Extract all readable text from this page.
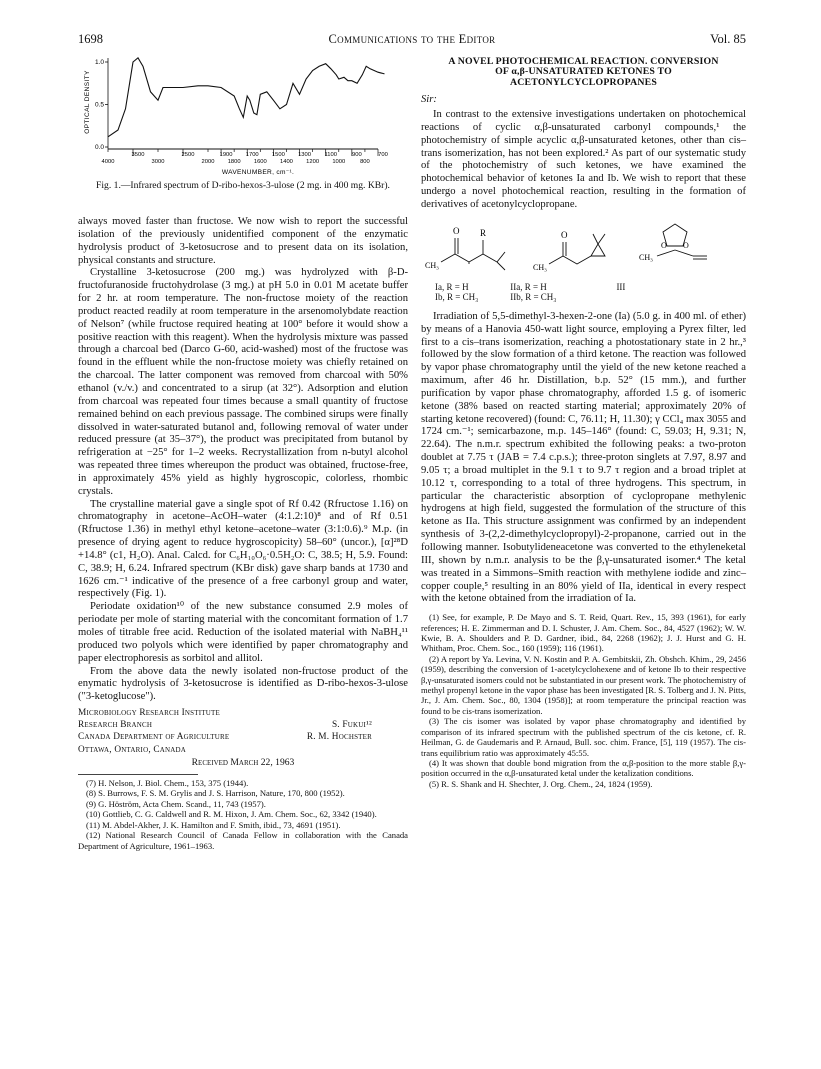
1698	Communications to the Editor	Vol. 85
OPTICAL DENSITY
1.0
0.5
0.0
3500	2500	1900 1700 1500 1300 1100	900	700
4000	3000	2000 1800 1600 1400 1200 1000	800
WAVENUMBER, cm⁻¹.
Fig. 1.—Infrared spectrum of D-ribo-hexos-3-ulose (2 mg. in 400 mg. KBr).

always moved faster than fructose. We now wish to report the successful isolation of the previously unidentified component of the enzymatic hydrolysis product of 3-ketosucrose and to present data on its isolation, physical constants and structure.

Crystalline 3-ketosucrose (200 mg.) was hydrolyzed with β-D-fructofuranoside fructohydrolase (3 mg.) at pH 5.0 in 0.01 M acetate buffer for 2 hr. at room temperature. The non-fructose moiety of the reaction product reacted readily at room temperature in the arsenomolybdate reaction of Nelson⁷ (while fructose required heating at 100° before it would show a positive reaction with this reagent). When the hydrolysis mixture was passed through a charcoal bed (Darco G-60, acid-washed) most of the fructose was found in the effluent while the non-fructose moiety was chiefly retained on the charcoal. The latter component was removed from charcoal with 50% ethanol (v./v.) and concentrated to a sirup (at 32°). Adsorption and elution from charcoal was repeated four times because a small quantity of fructose remained behind on each previous passage. The combined sirups were finally dissolved in water-saturated butanol and, following removal of water under reduced pressure (at 35–37°), the product was precipitated from butanol by refrigeration at −25° for 1–2 weeks. Recrystallization from n-butyl alcohol was repeated three times whereupon the product was obtained, fructose-free, in approximately 45% yield as highly hygroscopic, colorless, rhombic crystals.

The crystalline material gave a single spot of Rf 0.42 (Rfructose 1.16) on chromatography in acetone–AcOH–water (4:1.2:10)⁸ and of Rf 0.51 (Rfructose 1.36) in methyl ethyl ketone–acetone–water (3:1:0.6).⁹ M.p. (in presence of drying agent to reduce hygroscopicity) 58–60° (uncor.), [α]²⁸D +14.8° (c1, H₂O). Anal. Calcd. for C₆H₁₀O₆·0.5H₂O: C, 38.5; H, 5.9. Found: C, 38.9; H, 6.24. Infrared spectrum (KBr disk) gave sharp bands at 1730 and 1626 cm.⁻¹ indicative of the presence of a free carbonyl group and water, respectively (Fig. 1).

Periodate oxidation¹⁰ of the new substance consumed 2.9 moles of periodate per mole of starting material with the concomitant formation of 1.7 moles of titrable free acid. Reduction of the isolated material with NaBH₄¹¹ produced two polyols which were identified by paper chromatography and paper electrophoresis as sorbitol and allitol.

From the above data the newly isolated non-fructose product of the enymatic hydrolysis of 3-ketosucrose is identified as D-ribo-hexos-3-ulose ("3-ketoglucose").

Microbiology Research Institute
Research Branch	S. Fukui¹²
Canada Department of Agriculture	R. M. Hochster
Ottawa, Ontario, Canada
Received March 22, 1963
(7) H. Nelson, J. Biol. Chem., 153, 375 (1944).
(8) S. Burrows, F. S. M. Grylis and J. S. Harrison, Nature, 170, 800 (1952).
(9) G. Höström, Acta Chem. Scand., 11, 743 (1957).
(10) Gottlieb, C. G. Caldwell and R. M. Hixon, J. Am. Chem. Soc., 62, 3342 (1940).
(11) M. Abdel-Akher, J. K. Hamilton and F. Smith, ibid., 73, 4691 (1951).
(12) National Research Council of Canada Fellow in collaboration with the Canada Department of Agriculture, 1961–1963.
A NOVEL PHOTOCHEMICAL REACTION. CONVERSION
OF α,β-UNSATURATED KETONES TO
ACETONYLCYCLOPROPANES
Sir:

In contrast to the extensive investigations undertaken on photochemical reactions of cyclic α,β-unsaturated carbonyl compounds,¹ the photochemistry of simple acyclic α,β-unsaturated ketones, other than cis–trans isomerization, has not been explored.² As part of our systematic study of the photochemistry of such ketones, we have examined the photochemical behavior of ketones Ia and Ib. We wish to report that these undergo a novel photochemical reaction, resulting in the formation of derivatives of acetonylcyclopropane.

O R
CH₃
O
CH₃
O O
CH₃
Ia, R = H
Ib, R = CH₃
IIa, R = H
IIb, R = CH₃
III

Irradiation of 5,5-dimethyl-3-hexen-2-one (Ia) (5.0 g. in 400 ml. of ether) by means of a Hanovia 450-watt light source, employing a Pyrex filter, led first to a cis–trans isomerization, reaching a photostationary state in 2 hr.,³ followed by the slow formation of a third ketone. The reaction was followed by vapor phase chromatography until the yield of the new ketone reached a maximum, after 46 hr. Distillation, b.p. 52° (15 mm.), and further purification by vapor phase chromatography, afforded 1.5 g. of isomeric ketone (38% based on reacted starting material; approximately 20% of starting ketone recovered) (found: C, 76.11; H, 11.30); γ CCl₄ max 3055 and 1724 cm.⁻¹; semicarbazone, m.p. 145–146° (found: C, 59.03; H, 9.31; N, 22.64). The n.m.r. spectrum exhibited the following peaks: a two-proton doublet at 7.75 τ (JAB = 7.4 c.p.s.); three-proton singlets at 7.97, 8.97 and 9.05 τ; a broad multiplet in the 9.1 τ to 9.7 τ region and a broad triplet at 10.12 τ, corresponding to a total of three hydrogens. This spectrum, in particular the characteristic absorption of cyclopropane methylenic hydrogens at high field, suggested the formulation of the structure of this ketone as IIa. This structure assignment was confirmed by an independent synthesis of 3-(2,2-dimethylcyclopropyl)-2-propanone, carried out in the following manner. Isobutylideneacetone was converted to the ethyleneketal III, shown by n.m.r. analysis to be the β,γ-unsaturated isomer.⁴ The ketal was treated in a Simmons–Smith reaction with methylene iodide and zinc–copper couple,⁵ resulting in an 80% yield of IIa, identical in every respect with the ketone obtained from the irradiation of Ia.

(1) See, for example, P. De Mayo and S. T. Reid, Quart. Rev., 15, 393 (1961), for early references; H. E. Zimmerman and D. I. Schuster, J. Am. Chem. Soc., 84, 4527 (1962); W. W. Kwie, B. A. Shoulders and P. D. Gardner, ibid., 84, 2268 (1962); J. J. Hurst and G. H. Whitham, Proc. Chem. Soc., 160 (1959); 116 (1961).
(2) A report by Ya. Levina, V. N. Kostin and P. A. Gembitskii, Zh. Obshch. Khim., 29, 2456 (1959), describing the conversion of 1-acetylcyclohexene and of ketone Ib to their respective β,γ-unsaturated isomers could not be substantiated in our present work. The photochemistry of methyl propenyl ketone in the vapor phase has been investigated [R. S. Tolberg and J. N. Pitts, Jr., J. Am. Chem. Soc., 80, 1304 (1958)]; at room temperature the principal reaction was found to be cis-trans isomerization.
(3) The cis isomer was isolated by vapor phase chromatography and identified by comparison of its infrared spectrum with the published spectrum of the cis ketone, cf. R. Heilman, G. de Gaudemaris and P. Arnaud, Bull. soc. chim. France, [5], 119 (1957). The cis-trans equilibrium ratio was approximately 45:55.
(4) It was shown that double bond migration from the α,β-position to the more stable β,γ-position occurred in the α,β-unsaturated ketal under the ketalization conditions.
(5) R. S. Shank and H. Shechter, J. Org. Chem., 24, 1824 (1959).
